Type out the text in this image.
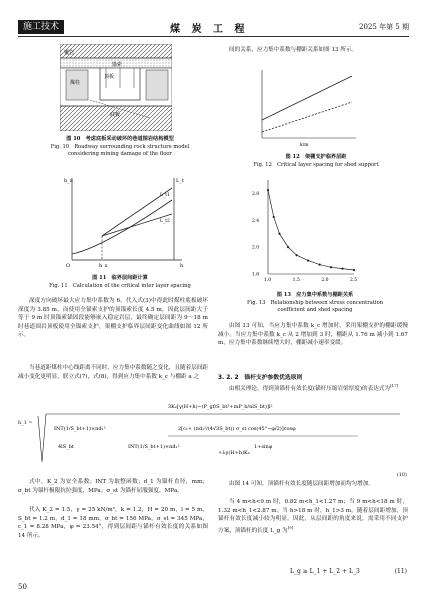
施工技术	煤 炭 工 程	2025 年第 5 期
覆岩
锚索
煤柱
顶板
底板
图 10　考虑底板采动破坏的巷道围岩结构模型
Fig. 10　Roadway surrounding rock structure model
considering mining damage of the floor
h_a	L_t
L_t1
L_t2
h
h_x
O
图 11　临界层间距计算
Fig. 11　Calculation of the critical inter layer spacing

深度方向破坏最大应力集中系数为 6，代入式(3)中得此时煤柱底板破坏深度为 3.85 m，而使用全锚索支护的顶锚索长度 4.5 m，因此层间距大于等于 9 m 时顶锚索锚固段能够嵌入稳定岩层，最终确定层间距为 9～18 m 时巷道围岩顶板使用全锚索支护，架棚支护临界层间距变化曲线如图 12 所示。

当巷道距煤柱中心线距离不同时，应力集中系数随之变化，且随着层间距减小变化更明显，联立式(7)，式(8)，得到应力集中系数 k_c 与棚距 a 之

间的关系，应力集中系数与棚距关系如图 13 所示。

k/m
图 12　架棚支护临界层距
Fig. 12　Critical layer spacing for shed support
1.0	1.5	2.0	2.5
1.6
2.0
2.4
2.8
图 13　应力集中系数与棚距关系
Fig. 13　Relationship between stress concentration
coefficient and shed spacing

由图 13 可知，当应力集中系数 k_c 增加时，采用架棚支护的棚距缓慢减小。当应力集中系数 k_c 从 2 增加到 3 时，棚距从 1.76 m 减小到 1.67 m，应力集中系数继续增大时，棚距减小速率变缓。

3. 2. 2　锚杆支护参数优选原则

由相关理论，得到顶锚杆有效长度(锚杆压缩岩梁厚度)的表达式为[17]

3K₂[γ(H+h)−(P_gf/S_bt²+mP_b/nlS_bt)]l²
INT(1/S_bt+1)×πd₁²	2[c₁+ (πd₁²/(4√3S_bt)) σ_st cos(45°−φ/2)]cosφ
4lS_bt	INT(1/S_bt+1)×πd₁²	1+sinφ
+λγ(H+h)K₂
h_1 =
(10)

式中，K_2 为安全系数；INT 为取整函数；d_1 为锚杆直径，mm；σ_bt 为锚杆极限抗拉强度，MPa；σ_st 为锚杆屈服强度，MPa。

代入 K_2 = 1.5，γ = 25 kN/m³，k = 1.2，H = 20 m，l = 5 m，S_bt = 1.2 m，d_1 = 18 mm，σ_bt = 156 MPa，σ_st = 345 MPa，c_1 = 8.28 MPa，φ = 23.54°，得到层间距与锚杆有效长度的关系如图 14 所示。

由图 14 可知，顶锚杆有效长度随层间距增加而均匀增加。

当 4 m<h<9 m 时，0.82 m<h_1<1.27 m；当 9 m<h<18 m 时，1.32 m<h_1<2.87 m；当 h>18 m 时，h_1>3 m，随着层间距增加，顶锚杆有效长度减小较为明显。因此，从层间距的角度来说，需采用不同支护方案，顶锚杆的长度 L_g 为[9]

L_g ≥ L_1 + L_2 + L_3	(11)
50
